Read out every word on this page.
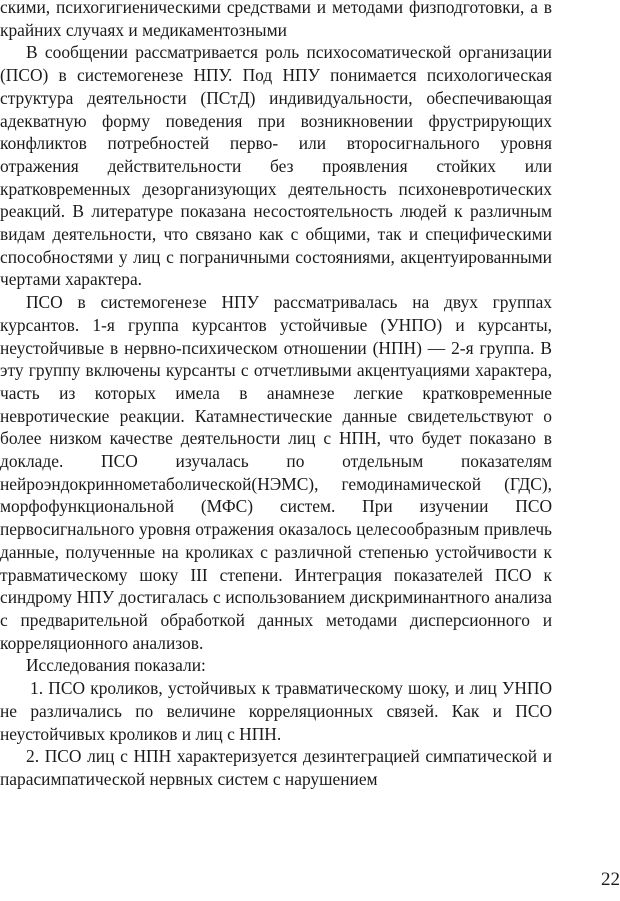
скими, психогигиеническими средствами и методами физподготовки, а в крайних случаях и медикаментозными

В сообщении рассматривается роль психосоматической организации (ПСО) в системогенезе НПУ. Под НПУ понимается психологическая структура деятельности (ПСтД) индивидуальности, обеспечивающая адекватную форму поведения при возникновении фрустрирующих конфликтов потребностей перво- или второсигнального уровня отражения действительности без проявления стойких или кратковременных дезорганизующих деятельность психоневротических реакций. В литературе показана несостоятельность людей к различным видам деятельности, что связано как с общими, так и специфическими способностями у лиц с пограничными состояниями, акцентуированными чертами характера.

ПСО в системогенезе НПУ рассматривалась на двух группах курсантов. 1-я группа курсантов устойчивые (УНПО) и курсанты, неустойчивые в нервно-психическом отношении (НПН) — 2-я группа. В эту группу включены курсанты с отчетливыми акцентуациями характера, часть из которых имела в анамнезе легкие кратковременные невротические реакции. Катамнестические данные свидетельствуют о более низком качестве деятельности лиц с НПН, что будет показано в докладе. ПСО изучалась по отдельным показателям нейроэндокриннометаболической(НЭМС), гемодинамической (ГДС), морфофункциональной (МФС) систем. При изучении ПСО первосигнального уровня отражения оказалось целесообразным привлечь данные, полученные на кроликах с различной степенью устойчивости к травматическому шоку III степени. Интеграция показателей ПСО к синдрому НПУ достигалась с использованием дискриминантного анализа с предварительной обработкой данных методами дисперсионного и корреляционного анализов.

Исследования показали:

1. ПСО кроликов, устойчивых к травматическому шоку, и лиц УНПО не различались по величине корреляционных связей. Как и ПСО неустойчивых кроликов и лиц с НПН.

2. ПСО лиц с НПН характеризуется дезинтеграцией симпатической и парасимпатической нервных систем с нарушением

22
